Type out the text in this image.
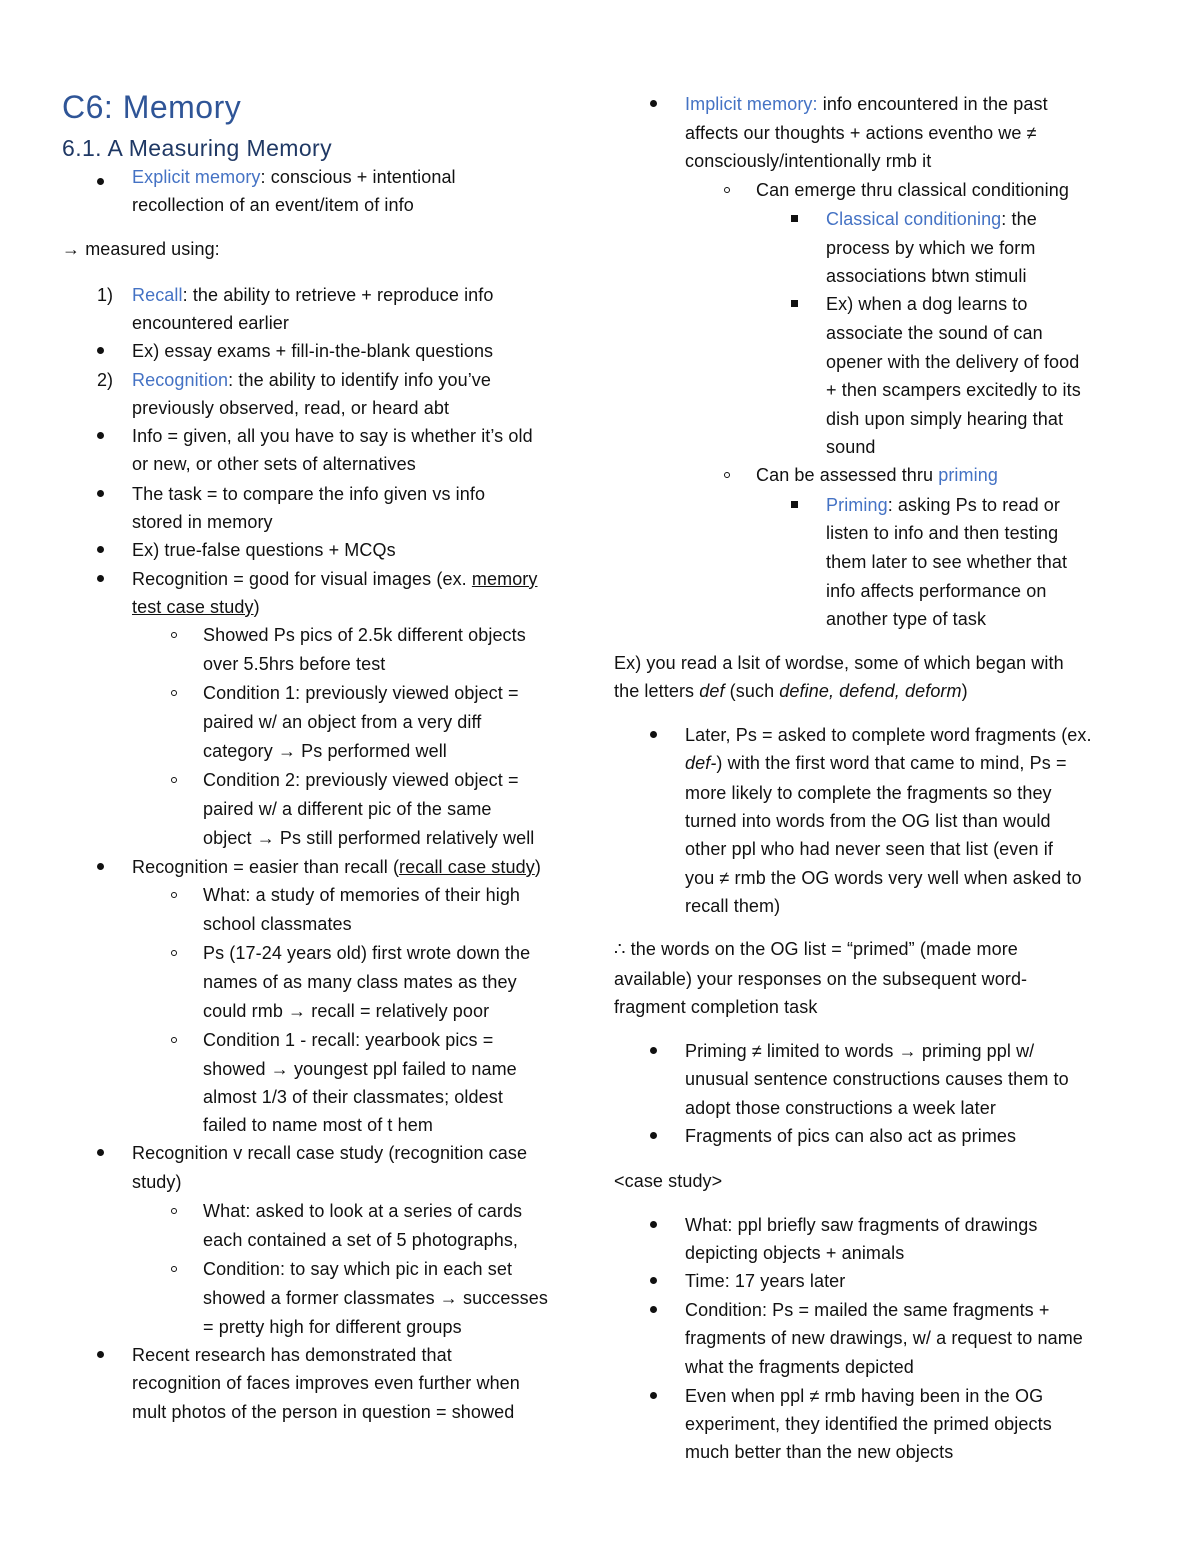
C6: Memory
6.1. A Measuring Memory
Explicit memory: conscious + intentional
recollection of an event/item of info
→ measured using:
1) Recall: the ability to retrieve + reproduce info
encountered earlier
Ex) essay exams + fill-in-the-blank questions
2) Recognition: the ability to identify info you’ve
previously observed, read, or heard abt
Info = given, all you have to say is whether it’s old
or new, or other sets of alternatives
The task = to compare the info given vs info
stored in memory
Ex) true-false questions + MCQs
Recognition = good for visual images (ex. memory
test case study)
Showed Ps pics of 2.5k different objects
over 5.5hrs before test
Condition 1: previously viewed object =
paired w/ an object from a very diff
category → Ps performed well
Condition 2: previously viewed object =
paired w/ a different pic of the same
object → Ps still performed relatively well
Recognition = easier than recall (recall case study)
What: a study of memories of their high
school classmates
Ps (17-24 years old) first wrote down the
names of as many class mates as they
could rmb → recall = relatively poor
Condition 1 - recall: yearbook pics =
showed → youngest ppl failed to name
almost 1/3 of their classmates; oldest
failed to name most of t hem
Recognition v recall case study (recognition case
study)
What: asked to look at a series of cards
each contained a set of 5 photographs,
Condition: to say which pic in each set
showed a former classmates → successes
= pretty high for different groups
Recent research has demonstrated that
recognition of faces improves even further when
mult photos of the person in question = showed
Implicit memory: info encountered in the past
affects our thoughts + actions eventho we ≠
consciously/intentionally rmb it
Can emerge thru classical conditioning
Classical conditioning: the
process by which we form
associations btwn stimuli
Ex) when a dog learns to
associate the sound of can
opener with the delivery of food
+ then scampers excitedly to its
dish upon simply hearing that
sound
Can be assessed thru priming
Priming: asking Ps to read or
listen to info and then testing
them later to see whether that
info affects performance on
another type of task
Ex) you read a lsit of wordse, some of which began with
the letters def (such define, defend, deform)
Later, Ps = asked to complete word fragments (ex.
def-) with the first word that came to mind, Ps =
more likely to complete the fragments so they
turned into words from the OG list than would
other ppl who had never seen that list (even if
you ≠ rmb the OG words very well when asked to
recall them)
∴ the words on the OG list = “primed” (made more
available) your responses on the subsequent word-
fragment completion task
Priming ≠ limited to words → priming ppl w/
unusual sentence constructions causes them to
adopt those constructions a week later
Fragments of pics can also act as primes
<case study>
What: ppl briefly saw fragments of drawings
depicting objects + animals
Time: 17 years later
Condition: Ps = mailed the same fragments +
fragments of new drawings, w/ a request to name
what the fragments depicted
Even when ppl ≠ rmb having been in the OG
experiment, they identified the primed objects
much better than the new objects
